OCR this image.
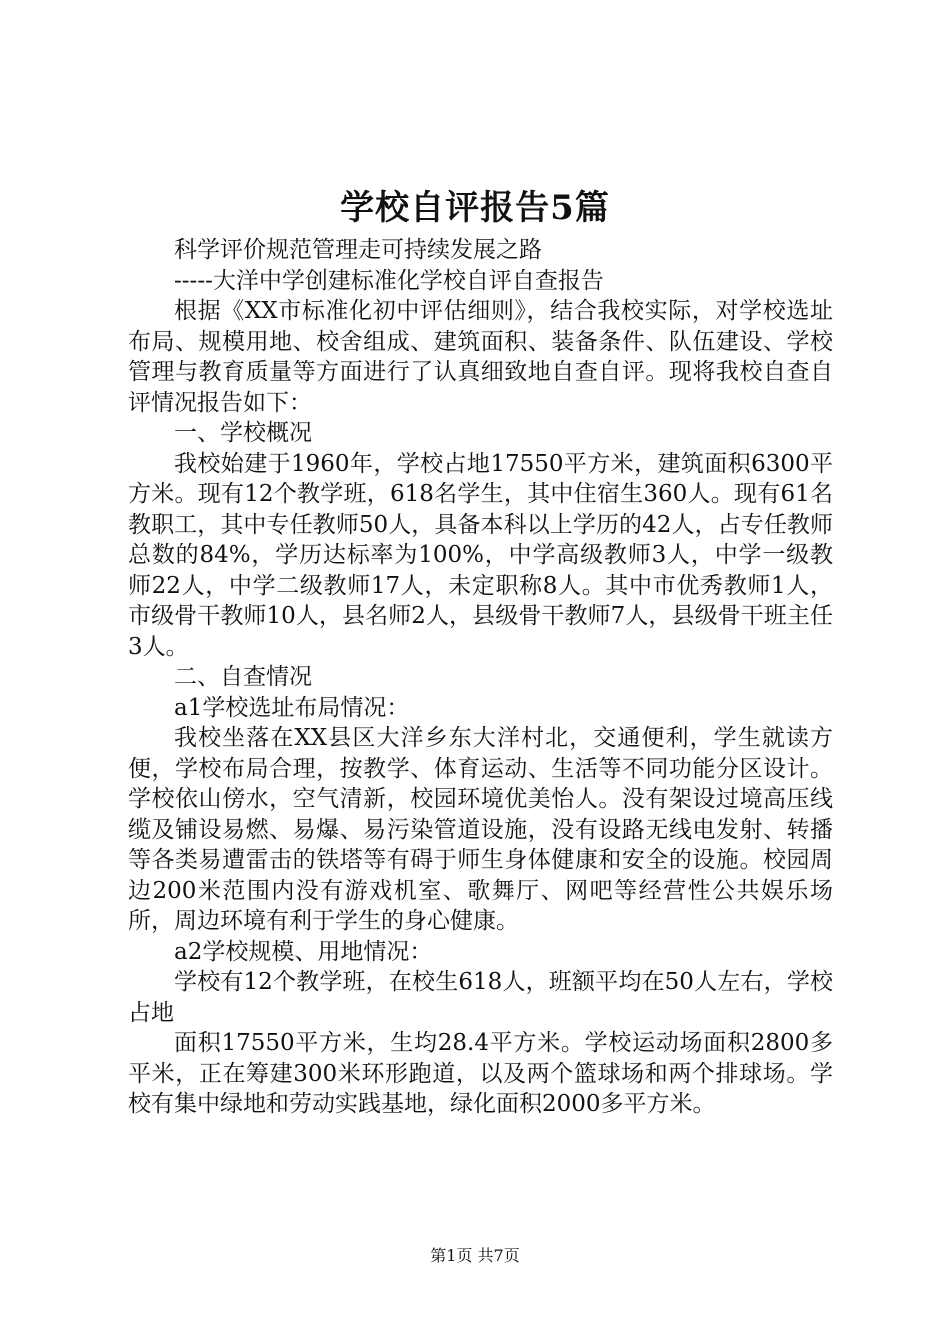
学校自评报告5篇

科学评价规范管理走可持续发展之路

-----大洋中学创建标准化学校自评自查报告

根据《XX市标准化初中评估细则》，结合我校实际，对学校选址布局、规模用地、校舍组成、建筑面积、装备条件、队伍建设、学校管理与教育质量等方面进行了认真细致地自查自评。现将我校自查自评情况报告如下：

一、学校概况

我校始建于1960年，学校占地17550平方米，建筑面积6300平方米。现有12个教学班，618名学生，其中住宿生360人。现有61名教职工，其中专任教师50人，具备本科以上学历的42人，占专任教师总数的84%，学历达标率为100%，中学高级教师3人，中学一级教师22人，中学二级教师17人，未定职称8人。其中市优秀教师1人，市级骨干教师10人，县名师2人，县级骨干教师7人，县级骨干班主任3人。

二、自查情况

a1学校选址布局情况：

我校坐落在XX县区大洋乡东大洋村北，交通便利，学生就读方便，学校布局合理，按教学、体育运动、生活等不同功能分区设计。学校依山傍水，空气清新，校园环境优美怡人。没有架设过境高压线缆及铺设易燃、易爆、易污染管道设施，没有设路无线电发射、转播等各类易遭雷击的铁塔等有碍于师生身体健康和安全的设施。校园周边200米范围内没有游戏机室、歌舞厅、网吧等经营性公共娱乐场所，周边环境有利于学生的身心健康。

a2学校规模、用地情况：

学校有12个教学班，在校生618人，班额平均在50人左右，学校占地

面积17550平方米，生均28.4平方米。学校运动场面积2800多平米，正在筹建300米环形跑道，以及两个篮球场和两个排球场。学校有集中绿地和劳动实践基地，绿化面积2000多平方米。

第1页 共7页
